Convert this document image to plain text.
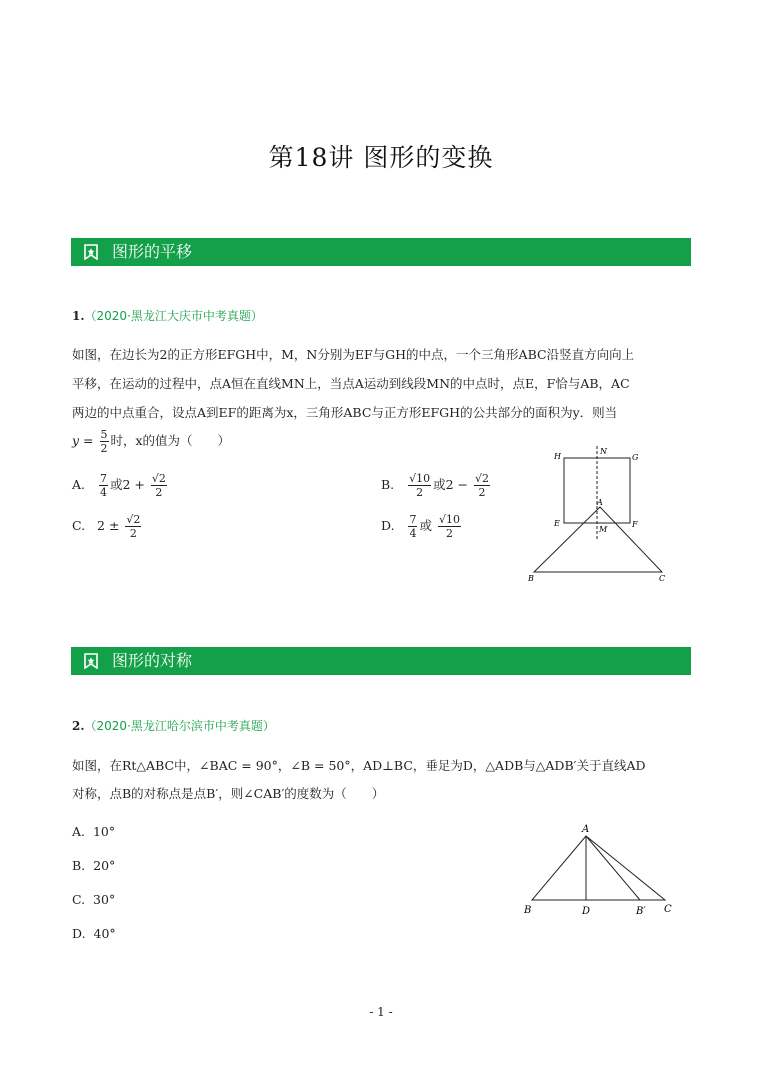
第18讲 图形的变换
图形的平移
1.（2020·黑龙江大庆市中考真题）
如图，在边长为2的正方形EFGH中，M，N分别为EF与GH的中点，一个三角形ABC沿竖直方向向上
平移，在运动的过程中，点A恒在直线MN上，当点A运动到线段MN的中点时，点E，F恰与AB，AC
两边的中点重合，设点A到EF的距离为x，三角形ABC与正方形EFGH的公共部分的面积为y．则当
$y = \frac{5}{2}$ 时，x的值为（　　）
A. $\frac{7}{4}$ 或$2 + \frac{√2}{2}$	B. $\frac{√10}{2}$ 或$2 - \frac{√2}{2}$
C. $2 \pm \frac{√2}{2}$	D. $\frac{7}{4}$ 或 $\frac{√10}{2}$
H
N
G
A
E
M
F
B	C
图形的对称
2.（2020·黑龙江哈尔滨市中考真题）
如图，在Rt△ABC中，∠BAC = 90°，∠B = 50°，AD⊥BC，垂足为D，△ADB与△ADB′关于直线AD
对称，点B的对称点是点B′，则∠CAB′的度数为（　　）
A. 10°
B. 20°
C. 30°
D. 40°
A
B	D	B′ C
- 1 -
